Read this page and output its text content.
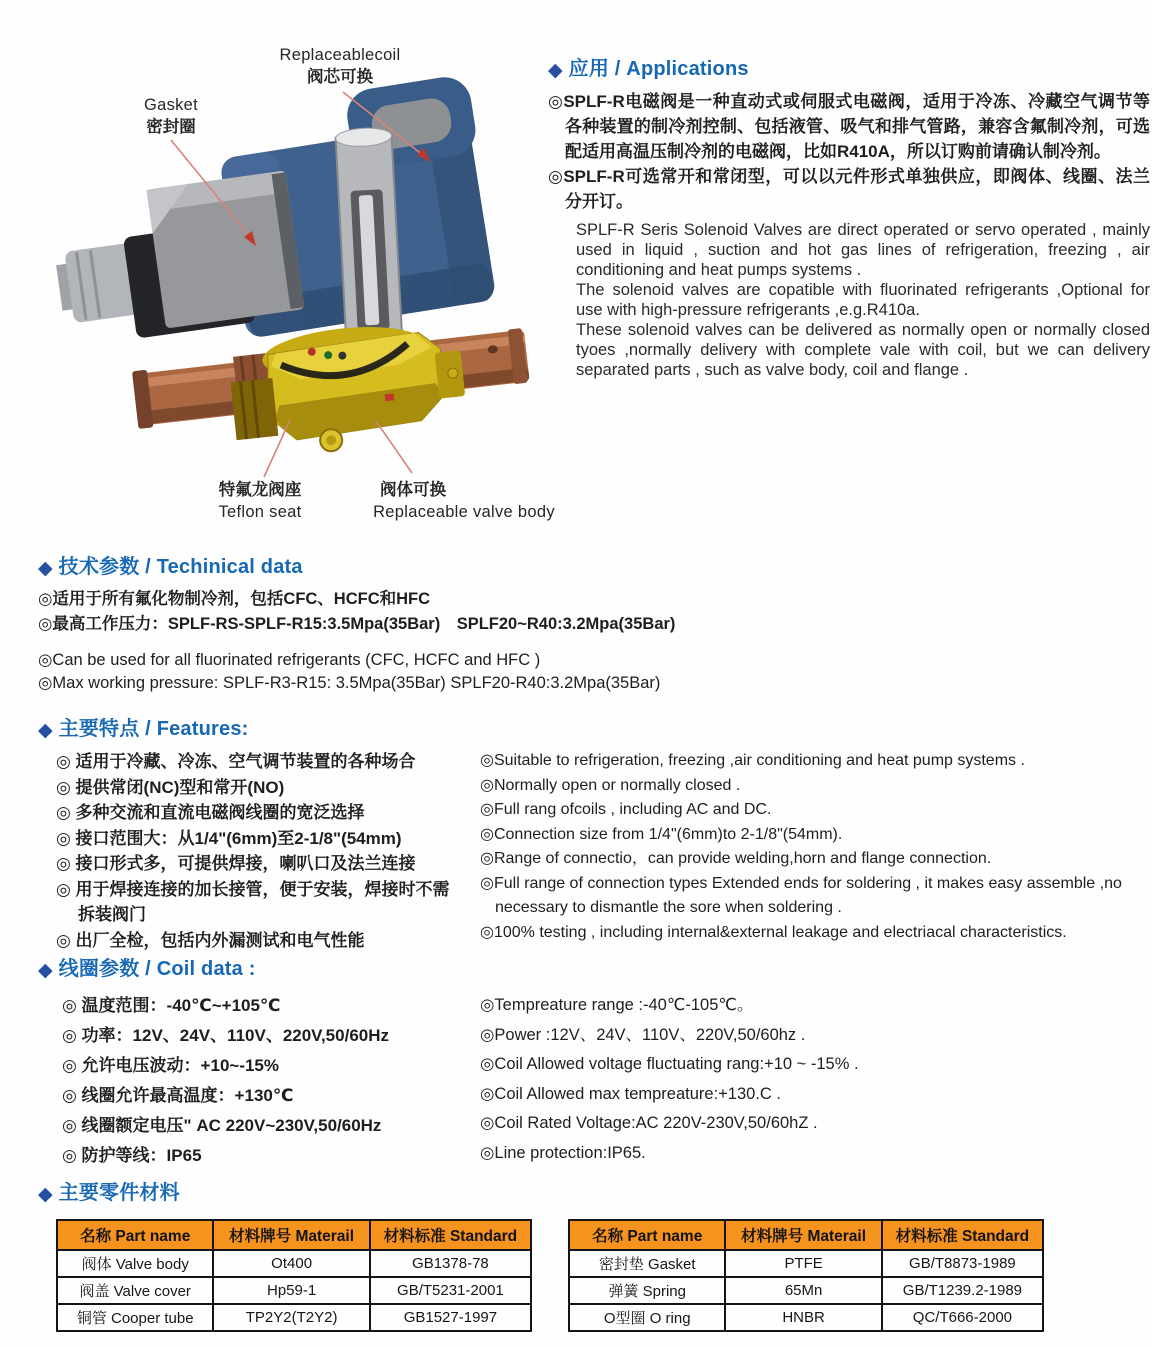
Replaceablecoil
阀芯可换
Gasket
密封圈
特氟龙阀座
Teflon seat
阀体可换
Replaceable valve body
◆ 应用 / Applications
◎SPLF-R电磁阀是一种直动式或伺服式电磁阀，适用于冷冻、冷藏空气调节等各种装置的制冷剂控制、包括液管、吸气和排气管路，兼容含氟制冷剂，可选配适用高温压制冷剂的电磁阀，比如R410A，所以订购前请确认制冷剂。
◎SPLF-R可选常开和常闭型，可以以元件形式单独供应，即阀体、线圈、法兰分开订。

SPLF-R Seris Solenoid Valves are direct operated or servo operated , mainly used in liquid , suction and hot gas lines of refrigeration, freezing , air conditioning and heat pumps systems .

The solenoid valves are copatible with fluorinated refrigerants ,Optional for use with high-pressure refrigerants ,e.g.R410a.

These solenoid valves can be delivered as normally open or normally closed tyoes ,normally delivery with complete vale with coil, but we can delivery separated parts , such as valve body, coil and flange .

◆ 技术参数 / Techinical data
◎适用于所有氟化物制冷剂，包括CFC、HCFC和HFC
◎最高工作压力：SPLF-RS-SPLF-R15:3.5Mpa(35Bar)　SPLF20~R40:3.2Mpa(35Bar)
◎Can be used for all fluorinated refrigerants (CFC, HCFC and HFC )
◎Max working pressure: SPLF-R3-R15: 3.5Mpa(35Bar) SPLF20-R40:3.2Mpa(35Bar)
◆ 主要特点 / Features:
◎ 适用于冷藏、冷冻、空气调节装置的各种场合
◎ 提供常闭(NC)型和常开(NO)
◎ 多种交流和直流电磁阀线圈的宽泛选择
◎ 接口范围大：从1/4"(6mm)至2-1/8"(54mm)
◎ 接口形式多，可提供焊接，喇叭口及法兰连接
◎ 用于焊接连接的加长接管，便于安装，焊接时不需拆装阀门
◎ 出厂全检，包括内外漏测试和电气性能
◎Suitable to refrigeration, freezing ,air conditioning and heat pump systems .
◎Normally open or normally closed .
◎Full rang ofcoils , including AC and DC.
◎Connection size from 1/4"(6mm)to 2-1/8"(54mm).
◎Range of connectio，can provide welding,horn and flange connection.
◎Full range of connection types Extended ends for soldering , it makes easy assemble ,no necessary to dismantle the sore when soldering .
◎100% testing , including internal&external leakage and electriacal characteristics.
◆ 线圈参数 / Coil data :
◎ 温度范围：-40℃~+105℃
◎ 功率：12V、24V、110V、220V,50/60Hz
◎ 允许电压波动：+10~-15%
◎ 线圈允许最高温度：+130℃
◎ 线圈额定电压" AC 220V~230V,50/60Hz
◎ 防护等线：IP65
◎Tempreature range :-40℃-105℃。
◎Power :12V、24V、110V、220V,50/60hz .
◎Coil Allowed voltage fluctuating rang:+10 ~ -15% .
◎Coil Allowed max tempreature:+130.C .
◎Coil Rated Voltage:AC 220V-230V,50/60hZ .
◎Line protection:IP65.
◆ 主要零件材料
名称 Part name	材料牌号 Materail	材料标准 Standard
阀体 Valve body	Ot400	GB1378-78
阀盖 Valve cover	Hp59-1	GB/T5231-2001
铜管 Cooper tube	TP2Y2(T2Y2)	GB1527-1997
名称 Part name	材料牌号 Materail	材料标准 Standard
密封垫 Gasket	PTFE	GB/T8873-1989
弹簧 Spring	65Mn	GB/T1239.2-1989
O型圈 O ring	HNBR	QC/T666-2000
